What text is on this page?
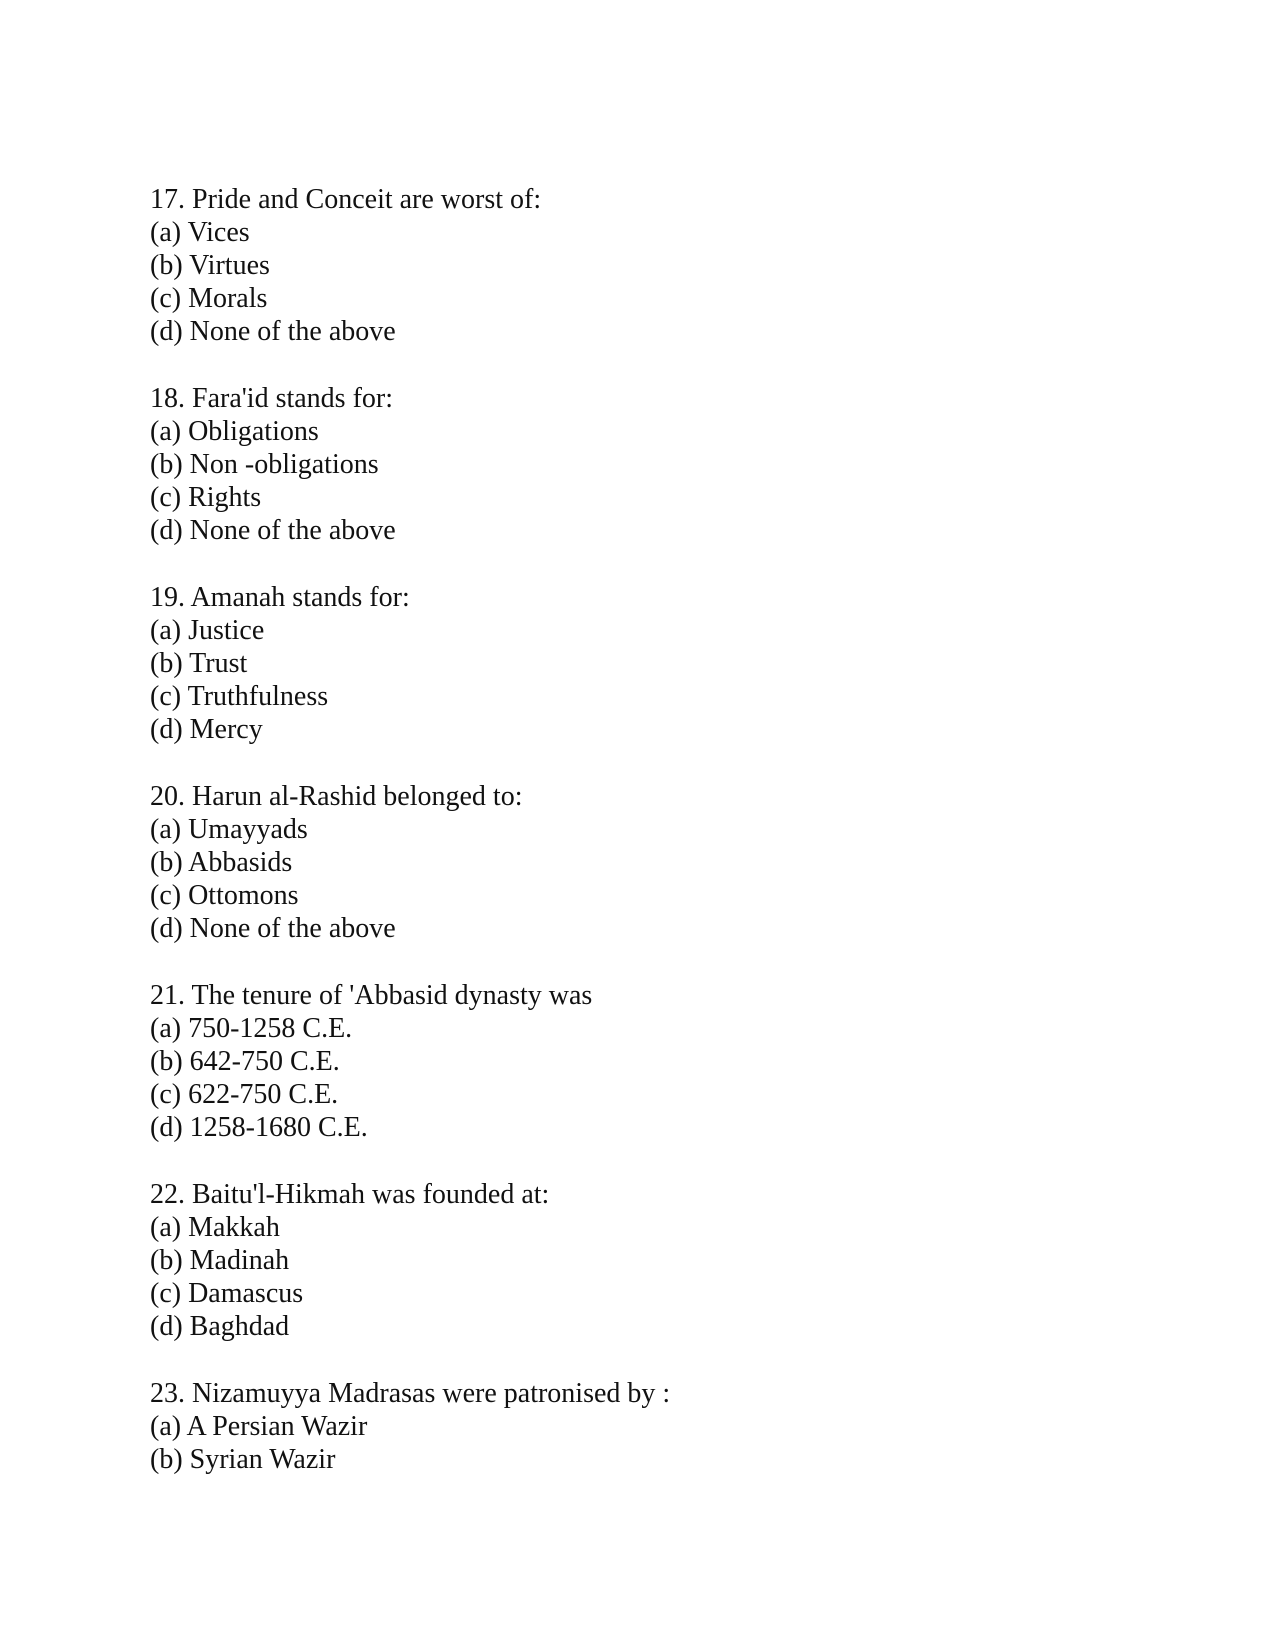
17. Pride and Conceit are worst of:
(a) Vices
(b) Virtues
(c) Morals
(d) None of the above
18. Fara'id stands for:
(a) Obligations
(b) Non -obligations
(c) Rights
(d) None of the above
19. Amanah stands for:
(a) Justice
(b) Trust
(c) Truthfulness
(d) Mercy
20. Harun al-Rashid belonged to:
(a) Umayyads
(b) Abbasids
(c) Ottomons
(d) None of the above
21. The tenure of 'Abbasid dynasty was
(a) 750-1258 C.E.
(b) 642-750 C.E.
(c) 622-750 C.E.
(d) 1258-1680 C.E.
22. Baitu'l-Hikmah was founded at:
(a) Makkah
(b) Madinah
(c) Damascus
(d) Baghdad
23. Nizamuyya Madrasas were patronised by :
(a) A Persian Wazir
(b) Syrian Wazir
